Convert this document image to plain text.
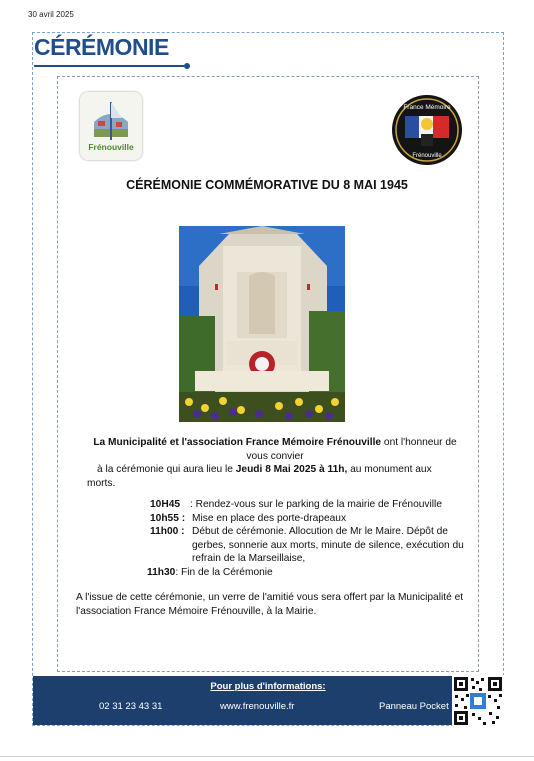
30 avril 2025
CÉRÉMONIE
Frénouville
France Mémoire
Frénouville
CÉRÉMONIE COMMÉMORATIVE DU 8 MAI 1945

La Municipalité et l'association France Mémoire Frénouville ont l'honneur de

vous convier

à la cérémonie qui aura lieu le Jeudi 8 Mai 2025 à 11h, au monument aux

morts.

10H45 : Rendez-vous sur le parking de la mairie de Frénouville
10h55 : Mise en place des porte-drapeaux
11h00 : Début de cérémonie. Allocution de Mr le Maire. Dépôt de gerbes, sonnerie aux morts, minute de silence, exécution du refrain de la Marseillaise,
11h30 : Fin de la Cérémonie
A l'issue de cette cérémonie, un verre de l'amitié vous sera offert par la Municipalité et l'association France Mémoire Frénouville, à la Mairie.
Pour plus d'informations:
02 31 23 43 31	www.frenouville.fr	Panneau Pocket
